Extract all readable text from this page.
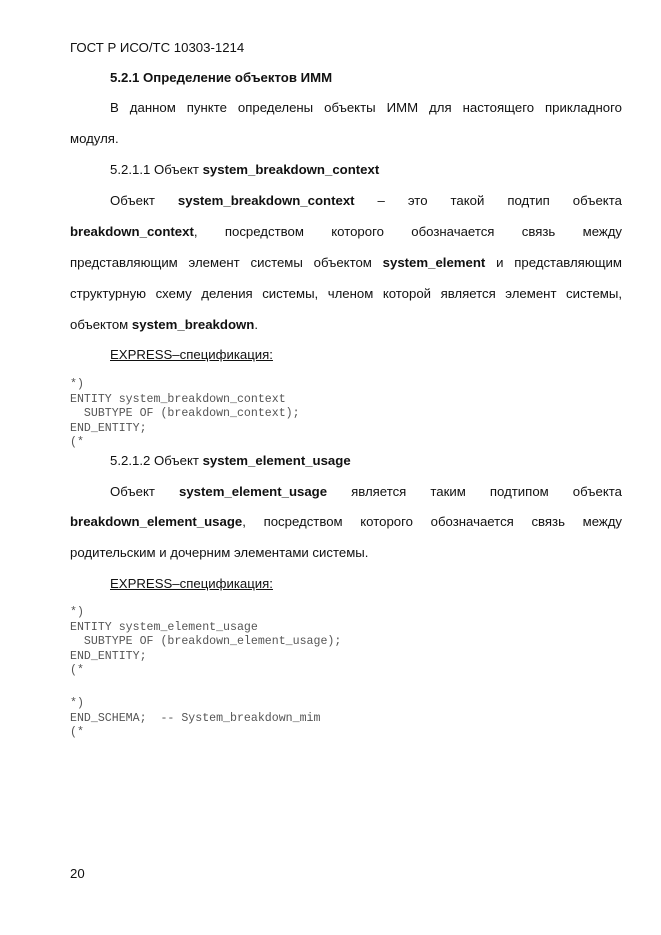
ГОСТ Р ИСО/ТС 10303-1214
5.2.1 Определение объектов ИММ
В данном пункте определены объекты ИММ для настоящего прикладного
модуля.
5.2.1.1 Объект system_breakdown_context
Объект system_breakdown_context – это такой подтип объекта
breakdown_context, посредством которого обозначается связь между
представляющим элемент системы объектом system_element и представляющим
структурную схему деления системы, членом которой является элемент системы,
объектом system_breakdown.
EXPRESS–спецификация:
*)
ENTITY system_breakdown_context
SUBTYPE OF (breakdown_context);
END_ENTITY;
(*
5.2.1.2 Объект system_element_usage
Объект system_element_usage является таким подтипом объекта
breakdown_element_usage, посредством которого обозначается связь между
родительским и дочерним элементами системы.
EXPRESS–спецификация:
*)
ENTITY system_element_usage
SUBTYPE OF (breakdown_element_usage);
END_ENTITY;
(*
*)
END_SCHEMA;  -- System_breakdown_mim
(*
20
